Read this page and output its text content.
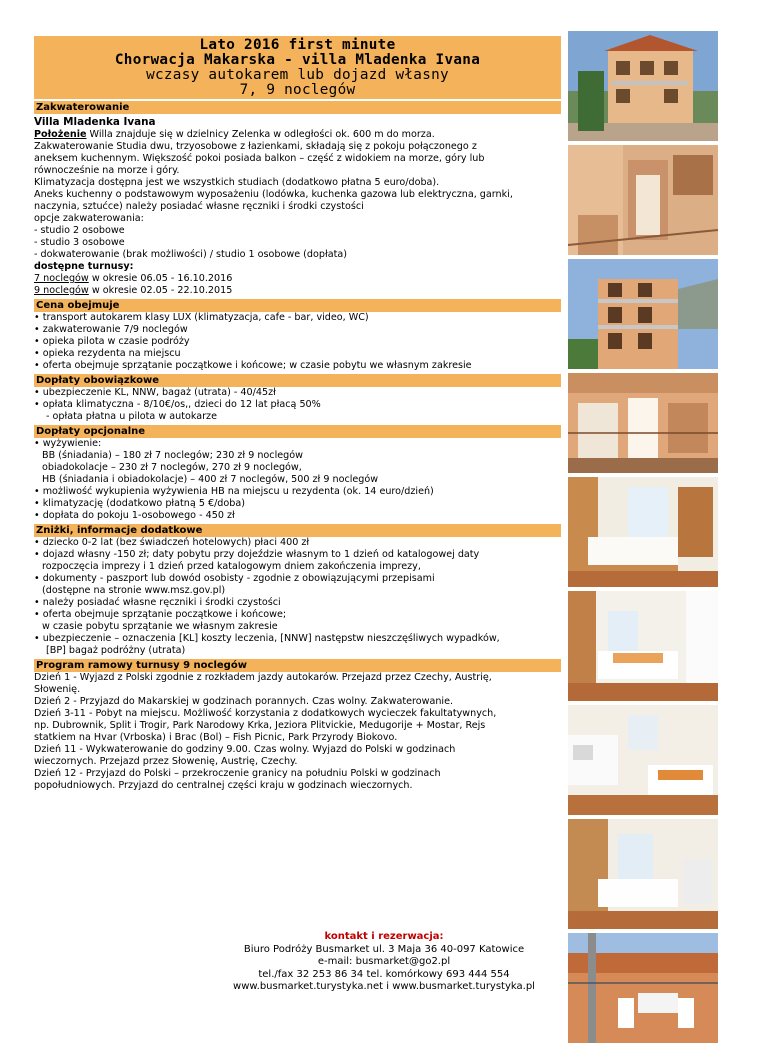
Lato 2016 first minute
Chorwacja Makarska - villa Mladenka Ivana
wczasy autokarem lub dojazd własny
7, 9 noclegów
Zakwaterowanie
Villa Mladenka Ivana
Położenie Willa znajduje się w dzielnicy Zelenka w odległości ok. 600 m do morza.
Zakwaterowanie Studia dwu, trzyosobowe z łazienkami, składają się z pokoju połączonego z
aneksem kuchennym. Większość pokoi posiada balkon – część z widokiem na morze, góry lub
równocześnie na morze i góry.
Klimatyzacja dostępna jest we wszystkich studiach (dodatkowo płatna 5 euro/doba).
Aneks kuchenny o podstawowym wyposażeniu (lodówka, kuchenka gazowa lub elektryczna, garnki,
naczynia, sztućce) należy posiadać własne ręczniki i środki czystości
opcje zakwaterowania:
- studio 2 osobowe
- studio 3 osobowe
- dokwaterowanie (brak możliwości) / studio 1 osobowe (dopłata)
dostępne turnusy:
7 noclegów w okresie 06.05 - 16.10.2016
9 noclegów w okresie 02.05 - 22.10.2015
Cena obejmuje
• transport autokarem klasy LUX (klimatyzacja, cafe - bar, video, WC)
• zakwaterowanie 7/9 noclegów
• opieka pilota w czasie podróży
• opieka rezydenta na miejscu
• oferta obejmuje sprzątanie początkowe i końcowe; w czasie pobytu we własnym zakresie
Dopłaty obowiązkowe
• ubezpieczenie KL, NNW, bagaż (utrata) - 40/45zł
• opłata klimatyczna - 8/10€/os,, dzieci do 12 lat płacą 50%
- opłata płatna u pilota w autokarze
Dopłaty opcjonalne
• wyżywienie:
BB (śniadania) – 180 zł 7 noclegów; 230 zł 9 noclegów
obiadokolacje – 230 zł 7 noclegów, 270 zł 9 noclegów,
HB (śniadania i obiadokolacje) – 400 zł 7 noclegów, 500 zł 9 noclegów
• możliwość wykupienia wyżywienia HB na miejscu u rezydenta (ok. 14 euro/dzień)
• klimatyzację (dodatkowo płatną 5 €/doba)
• dopłata do pokoju 1-osobowego - 450 zł
Zniżki, informacje dodatkowe
• dziecko 0-2 lat (bez świadczeń hotelowych) płaci 400 zł
• dojazd własny -150 zł; daty pobytu przy dojeździe własnym to 1 dzień od katalogowej daty
rozpoczęcia imprezy i 1 dzień przed katalogowym dniem zakończenia imprezy,
• dokumenty - paszport lub dowód osobisty - zgodnie z obowiązującymi przepisami
(dostępne na stronie www.msz.gov.pl)
• należy posiadać własne ręczniki i środki czystości
• oferta obejmuje sprzątanie początkowe i końcowe;
w czasie pobytu sprzątanie we własnym zakresie
• ubezpieczenie – oznaczenia [KL] koszty leczenia, [NNW] następstw nieszczęśliwych wypadków,
[BP] bagaż podróżny (utrata)
Program ramowy turnusy 9 noclegów
Dzień 1 - Wyjazd z Polski zgodnie z rozkładem jazdy autokarów. Przejazd przez Czechy, Austrię,
Słowenię.
Dzień 2 - Przyjazd do Makarskiej w godzinach porannych. Czas wolny. Zakwaterowanie.
Dzień 3-11 - Pobyt na miejscu. Możliwość korzystania z dodatkowych wycieczek fakultatywnych,
np. Dubrownik, Split i Trogir, Park Narodowy Krka, Jeziora Plitvickie, Medugorije + Mostar, Rejs
statkiem na Hvar (Vrboska) i Brac (Bol) – Fish Picnic, Park Przyrody Biokovo.
Dzień 11 - Wykwaterowanie do godziny 9.00. Czas wolny. Wyjazd do Polski w godzinach
wieczornych. Przejazd przez Słowenię, Austrię, Czechy.
Dzień 12 - Przyjazd do Polski – przekroczenie granicy na południu Polski w godzinach
popołudniowych. Przyjazd do centralnej części kraju w godzinach wieczornych.
kontakt i rezerwacja:
Biuro Podróży Busmarket ul. 3 Maja 36 40-097 Katowice
e-mail: busmarket@go2.pl
tel./fax 32 253 86 34 tel. komórkowy 693 444 554
www.busmarket.turystyka.net i www.busmarket.turystyka.pl
